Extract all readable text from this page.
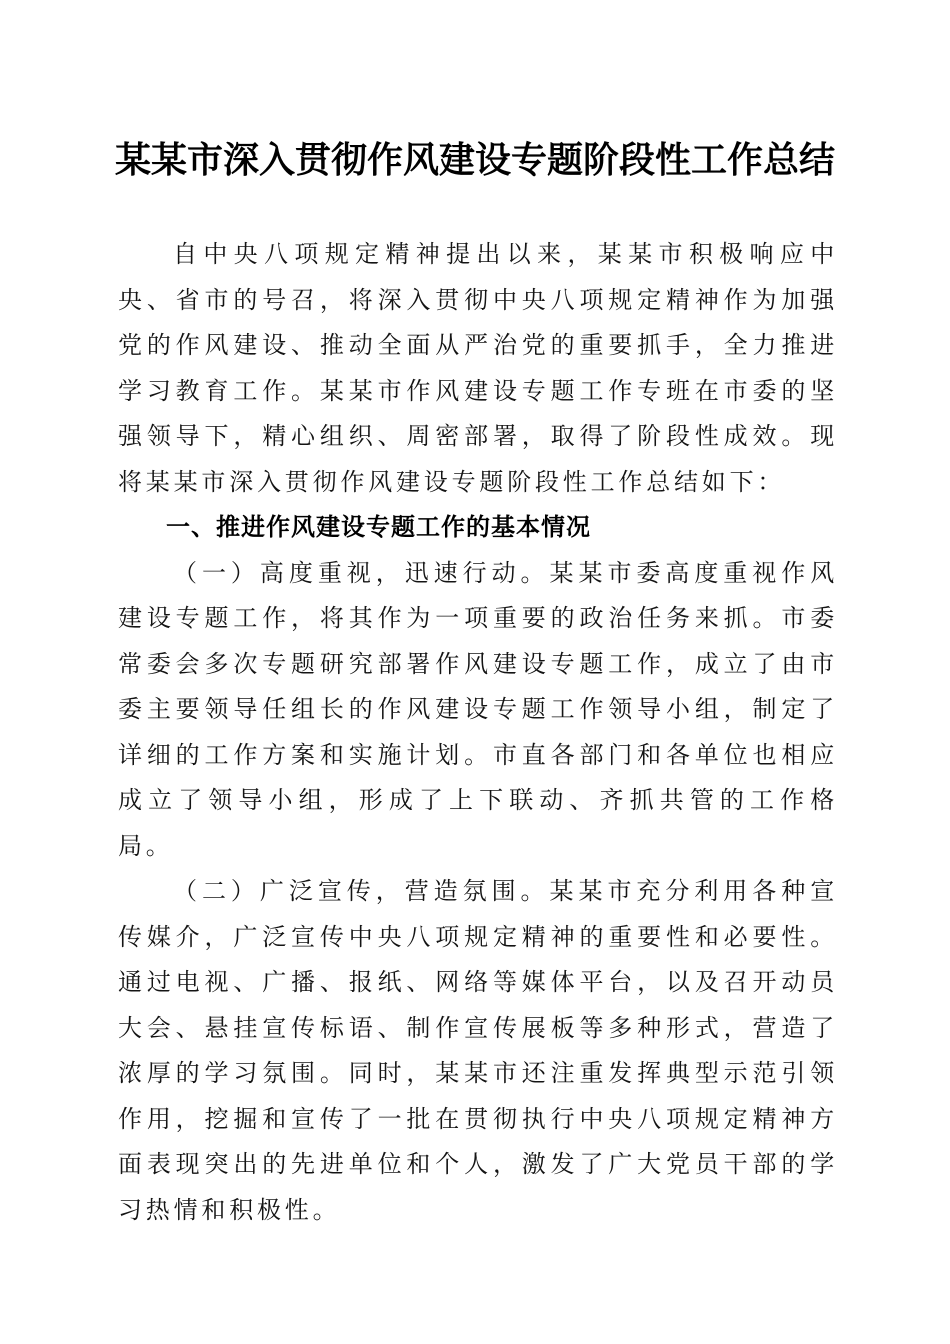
某某市深入贯彻作风建设专题阶段性工作总结

自中央八项规定精神提出以来，某某市积极响应中央、省市的号召，将深入贯彻中央八项规定精神作为加强党的作风建设、推动全面从严治党的重要抓手，全力推进学习教育工作。某某市作风建设专题工作专班在市委的坚强领导下，精心组织、周密部署，取得了阶段性成效。现将某某市深入贯彻作风建设专题阶段性工作总结如下：

一、推进作风建设专题工作的基本情况

（一）高度重视，迅速行动。某某市委高度重视作风建设专题工作，将其作为一项重要的政治任务来抓。市委常委会多次专题研究部署作风建设专题工作，成立了由市委主要领导任组长的作风建设专题工作领导小组，制定了详细的工作方案和实施计划。市直各部门和各单位也相应成立了领导小组，形成了上下联动、齐抓共管的工作格局。

（二）广泛宣传，营造氛围。某某市充分利用各种宣传媒介，广泛宣传中央八项规定精神的重要性和必要性。通过电视、广播、报纸、网络等媒体平台，以及召开动员大会、悬挂宣传标语、制作宣传展板等多种形式，营造了浓厚的学习氛围。同时，某某市还注重发挥典型示范引领作用，挖掘和宣传了一批在贯彻执行中央八项规定精神方面表现突出的先进单位和个人，激发了广大党员干部的学习热情和积极性。
